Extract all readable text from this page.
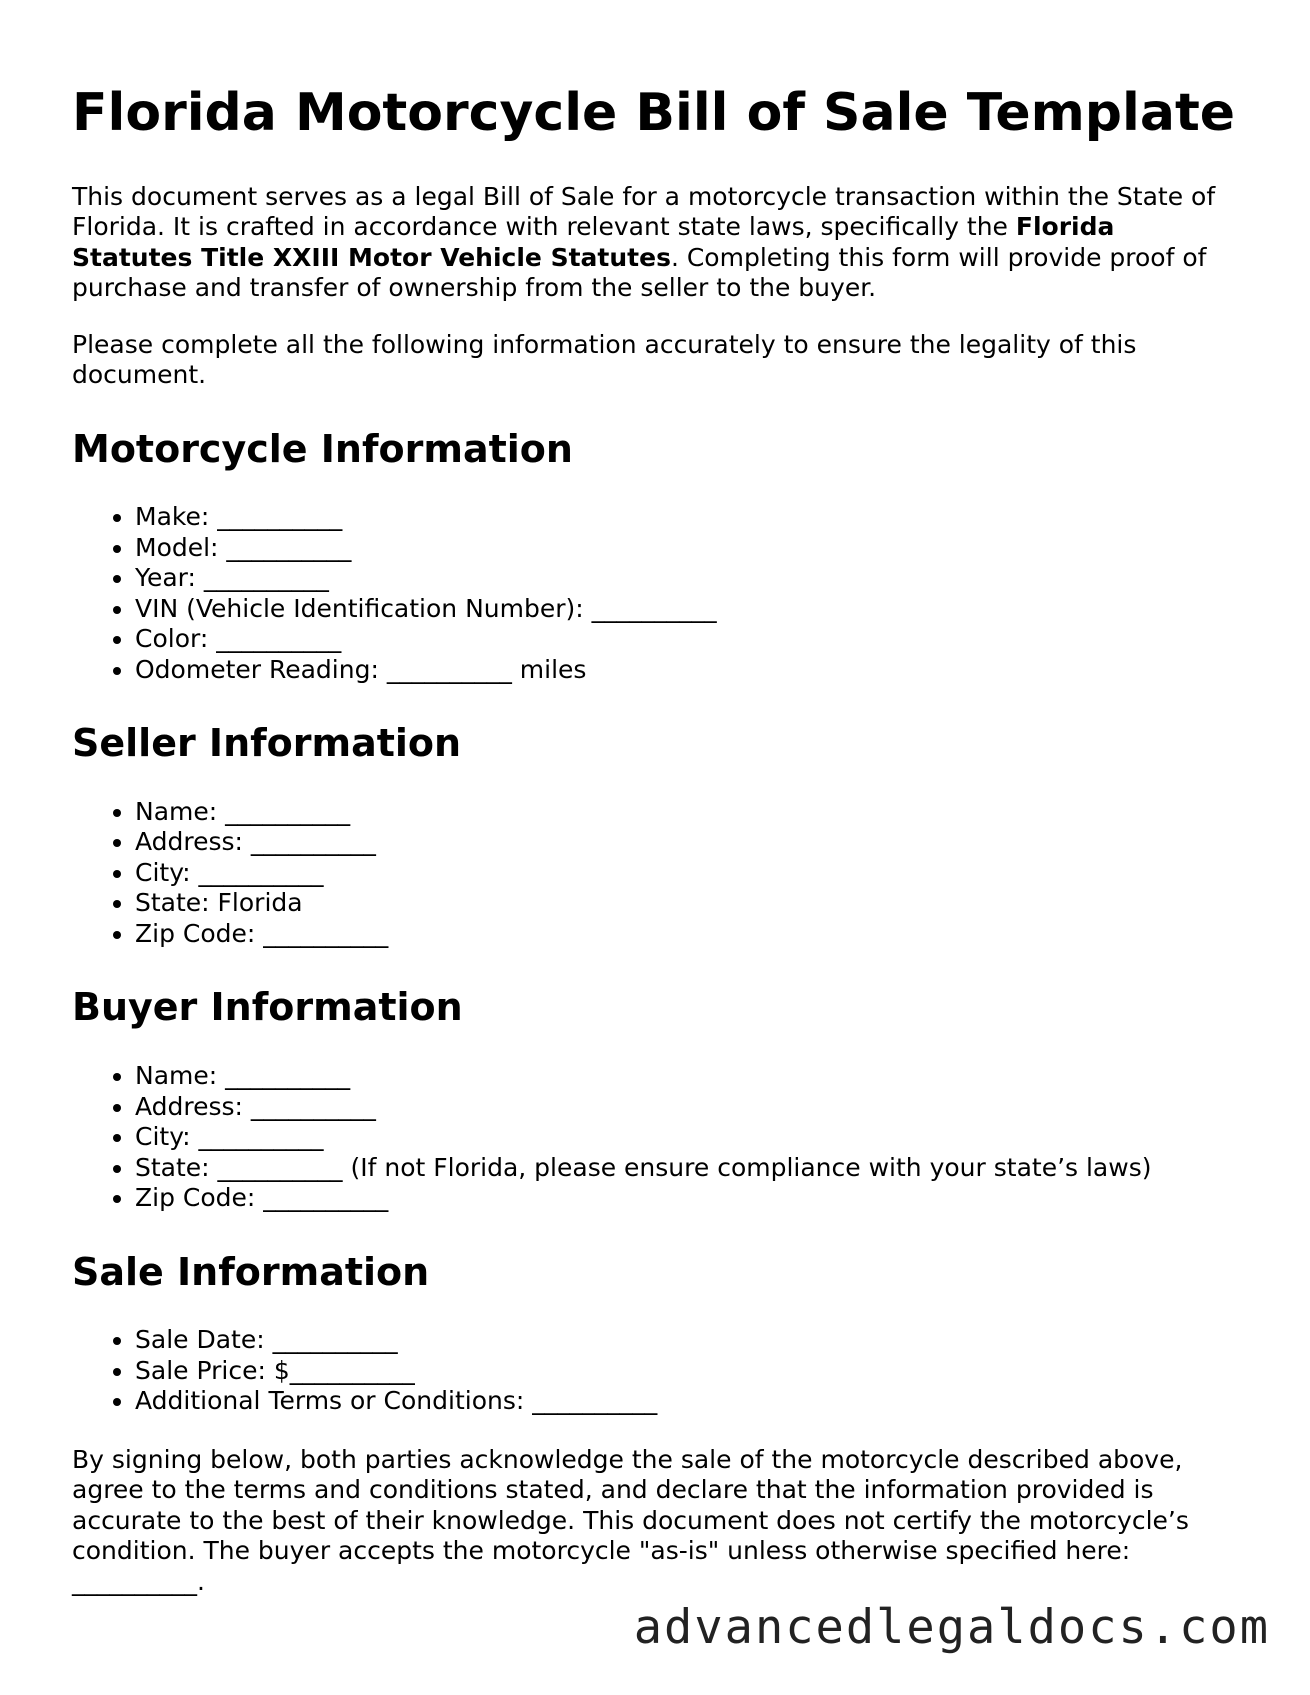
Florida Motorcycle Bill of Sale Template

This document serves as a legal Bill of Sale for a motorcycle transaction within the State of Florida. It is crafted in accordance with relevant state laws, specifically the Florida Statutes Title XXIII Motor Vehicle Statutes. Completing this form will provide proof of purchase and transfer of ownership from the seller to the buyer.

Please complete all the following information accurately to ensure the legality of this document.

Motorcycle Information
• Make: __________
• Model: __________
• Year: __________
• VIN (Vehicle Identification Number): __________
• Color: __________
• Odometer Reading: __________ miles
Seller Information
• Name: __________
• Address: __________
• City: __________
• State: Florida
• Zip Code: __________
Buyer Information
• Name: __________
• Address: __________
• City: __________
• State: __________ (If not Florida, please ensure compliance with your state’s laws)
• Zip Code: __________
Sale Information
• Sale Date: __________
• Sale Price: $__________
• Additional Terms or Conditions: __________

By signing below, both parties acknowledge the sale of the motorcycle described above, agree to the terms and conditions stated, and declare that the information provided is accurate to the best of their knowledge. This document does not certify the motorcycle’s condition. The buyer accepts the motorcycle "as-is" unless otherwise specified here: __________.

advancedlegaldocs.com
